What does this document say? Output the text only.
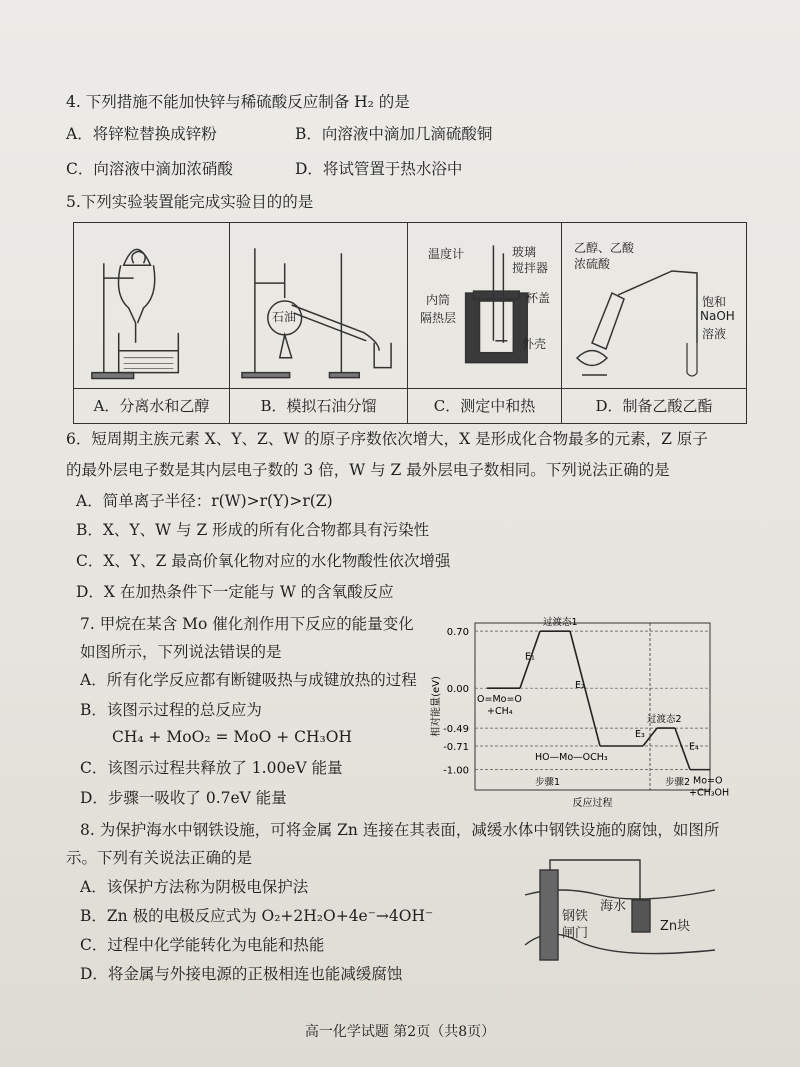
4. 下列措施不能加快锌与稀硫酸反应制备 H₂ 的是
A．将锌粒替换成锌粉	B．向溶液中滴加几滴硫酸铜
C．向溶液中滴加浓硝酸	D．将试管置于热水浴中
5.下列实验装置能完成实验目的的是
A．分离水和乙醇
石油
B．模拟石油分馏
温度计	玻璃
搅拌器
杯盖
内筒
隔热层
外壳
C．测定中和热
乙醇、乙酸
浓硫酸
饱和
NaOH
溶液
D．制备乙酸乙酯
6．短周期主族元素 X、Y、Z、W 的原子序数依次增大，X 是形成化合物最多的元素，Z 原子
的最外层电子数是其内层电子数的 3 倍，W 与 Z 最外层电子数相同。下列说法正确的是
A．简单离子半径：r(W)>r(Y)>r(Z)
B．X、Y、W 与 Z 形成的所有化合物都具有污染性
C．X、Y、Z 最高价氧化物对应的水化物酸性依次增强
D．X 在加热条件下一定能与 W 的含氧酸反应
7. 甲烷在某含 Mo 催化剂作用下反应的能量变化
如图所示，下列说法错误的是
A．所有化学反应都有断键吸热与成键放热的过程
B．该图示过程的总反应为
CH₄ + MoO₂ = MoO + CH₃OH
C．该图示过程共释放了 1.00eV 能量
D．步骤一吸收了 0.7eV 能量
0.70
0.00
-0.49
-0.71
-1.00
相对能量(eV)
过渡态1
过渡态2
O=Mo=O
+CH₄
HO—Mo—OCH₃
Mo=O
+CH₃OH
E₁
E₂
E₃
E₄
步骤1	步骤2
反应过程
8. 为保护海水中钢铁设施，可将金属 Zn 连接在其表面，减缓水体中钢铁设施的腐蚀，如图所
示。下列有关说法正确的是
A．该保护方法称为阴极电保护法
B．Zn 极的电极反应式为 O₂+2H₂O+4e⁻→4OH⁻
C．过程中化学能转化为电能和热能
D．将金属与外接电源的正极相连也能减缓腐蚀
钢铁
闸门
海水
Zn块
高一化学试题 第2页（共8页）
